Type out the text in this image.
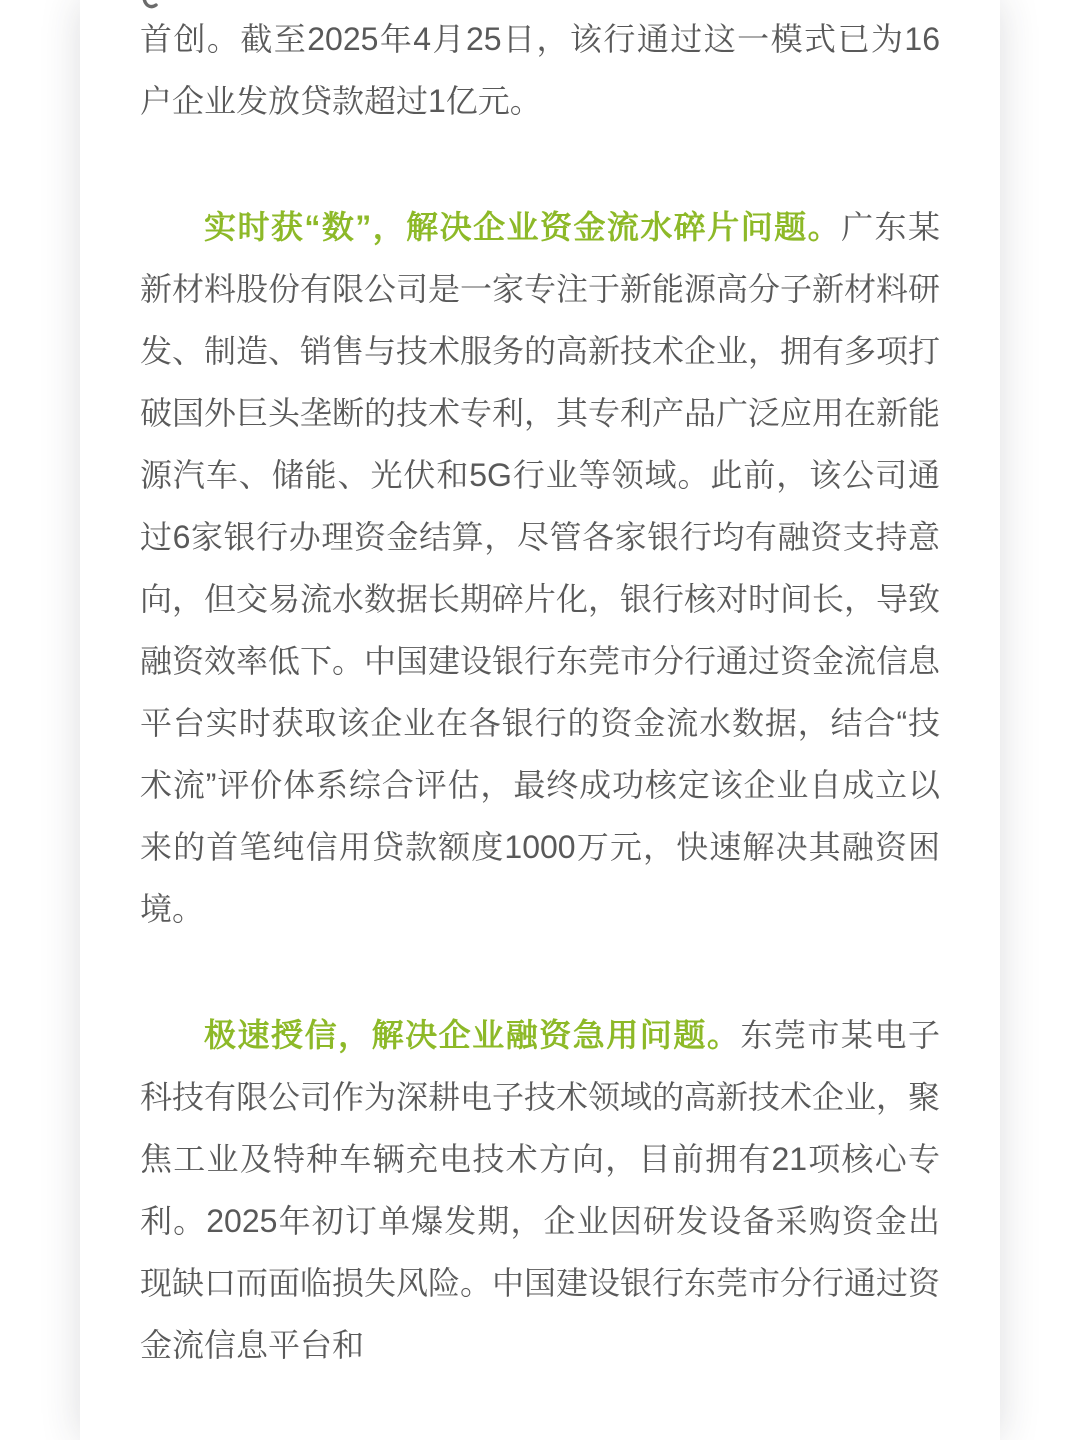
首创。截至2025年4月25日，该行通过这一模式已为16户企业发放贷款超过1亿元。

实时获“数”，解决企业资金流水碎片问题。广东某新材料股份有限公司是一家专注于新能源高分子新材料研发、制造、销售与技术服务的高新技术企业，拥有多项打破国外巨头垄断的技术专利，其专利产品广泛应用在新能源汽车、储能、光伏和5G行业等领域。此前，该公司通过6家银行办理资金结算，尽管各家银行均有融资支持意向，但交易流水数据长期碎片化，银行核对时间长，导致融资效率低下。中国建设银行东莞市分行通过资金流信息平台实时获取该企业在各银行的资金流水数据，结合“技术流”评价体系综合评估，最终成功核定该企业自成立以来的首笔纯信用贷款额度1000万元，快速解决其融资困境。

极速授信，解决企业融资急用问题。东莞市某电子科技有限公司作为深耕电子技术领域的高新技术企业，聚焦工业及特种车辆充电技术方向，目前拥有21项核心专利。2025年初订单爆发期，企业因研发设备采购资金出现缺口而面临损失风险。中国建设银行东莞市分行通过资金流信息平台和
